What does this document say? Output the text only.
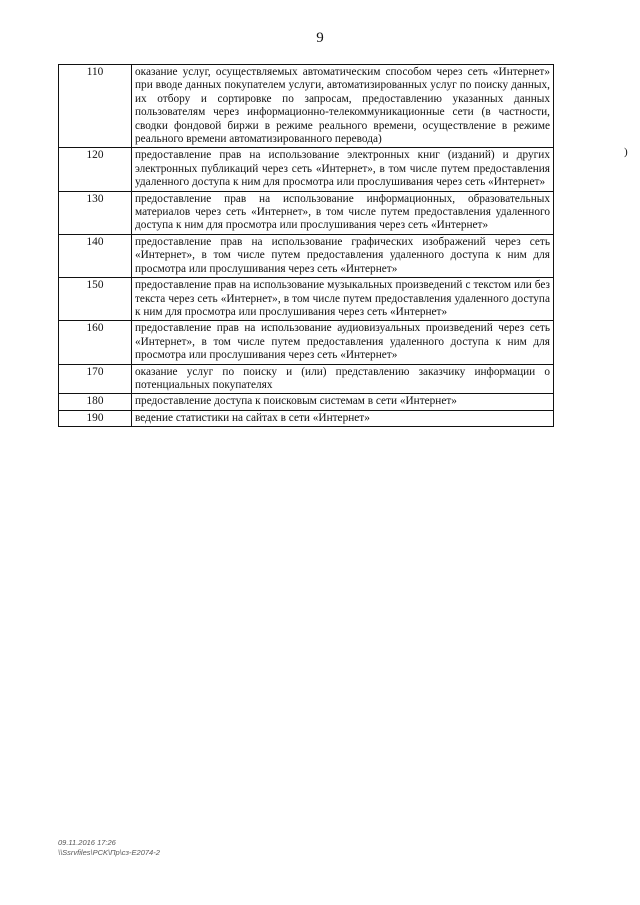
9
)
110	оказание услуг, осуществляемых автоматическим способом через сеть «Интернет» при вводе данных покупателем услуги, автоматизированных услуг по поиску данных, их отбору и сортировке по запросам, предоставлению указанных данных пользователям через информационно-телекоммуникационные сети (в частности, сводки фондовой биржи в режиме реального времени, осуществление в режиме реального времени автоматизированного перевода)
120	предоставление прав на использование электронных книг (изданий) и других электронных публикаций через сеть «Интернет», в том числе путем предоставления удаленного доступа к ним для просмотра или прослушивания через сеть «Интернет»
130	предоставление прав на использование информационных, образовательных материалов через сеть «Интернет», в том числе путем предоставления удаленного доступа к ним для просмотра или прослушивания через сеть «Интернет»
140	предоставление прав на использование графических изображений через сеть «Интернет», в том числе путем предоставления удаленного доступа к ним для просмотра или прослушивания через сеть «Интернет»
150	предоставление прав на использование музыкальных произведений с текстом или без текста через сеть «Интернет», в том числе путем предоставления удаленного доступа к ним для просмотра или прослушивания через сеть «Интернет»
160	предоставление прав на использование аудиовизуальных произведений через сеть «Интернет», в том числе путем предоставления удаленного доступа к ним для просмотра или прослушивания через сеть «Интернет»
170	оказание услуг по поиску и (или) представлению заказчику информации о потенциальных покупателях
180	предоставление доступа к поисковым системам в сети «Интернет»
190	ведение статистики на сайтах в сети «Интернет»
09.11.2016 17:26
\\Ssrvfiles\PCK\Пр\сз-E2074-2
